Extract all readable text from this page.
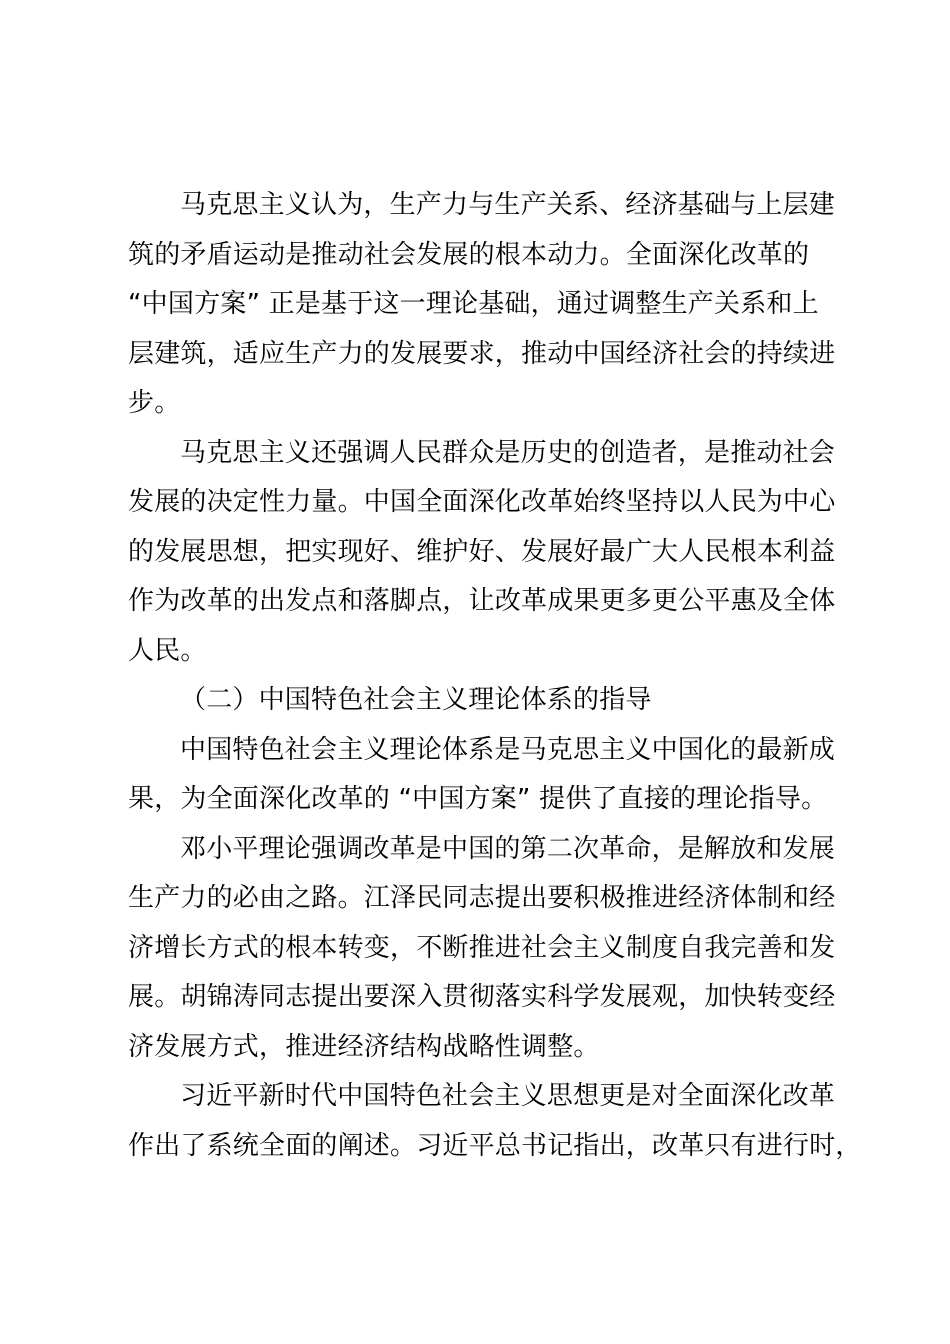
马克思主义认为，生产力与生产关系、经济基础与上层建
筑的矛盾运动是推动社会发展的根本动力。全面深化改革的
“中国方案” 正是基于这一理论基础，通过调整生产关系和上
层建筑，适应生产力的发展要求，推动中国经济社会的持续进
步。
马克思主义还强调人民群众是历史的创造者，是推动社会
发展的决定性力量。中国全面深化改革始终坚持以人民为中心
的发展思想，把实现好、维护好、发展好最广大人民根本利益
作为改革的出发点和落脚点，让改革成果更多更公平惠及全体
人民。
（二）中国特色社会主义理论体系的指导
中国特色社会主义理论体系是马克思主义中国化的最新成
果，为全面深化改革的 “中国方案” 提供了直接的理论指导。
邓小平理论强调改革是中国的第二次革命，是解放和发展
生产力的必由之路。江泽民同志提出要积极推进经济体制和经
济增长方式的根本转变，不断推进社会主义制度自我完善和发
展。胡锦涛同志提出要深入贯彻落实科学发展观，加快转变经
济发展方式，推进经济结构战略性调整。
习近平新时代中国特色社会主义思想更是对全面深化改革
作出了系统全面的阐述。习近平总书记指出，改革只有进行时，
